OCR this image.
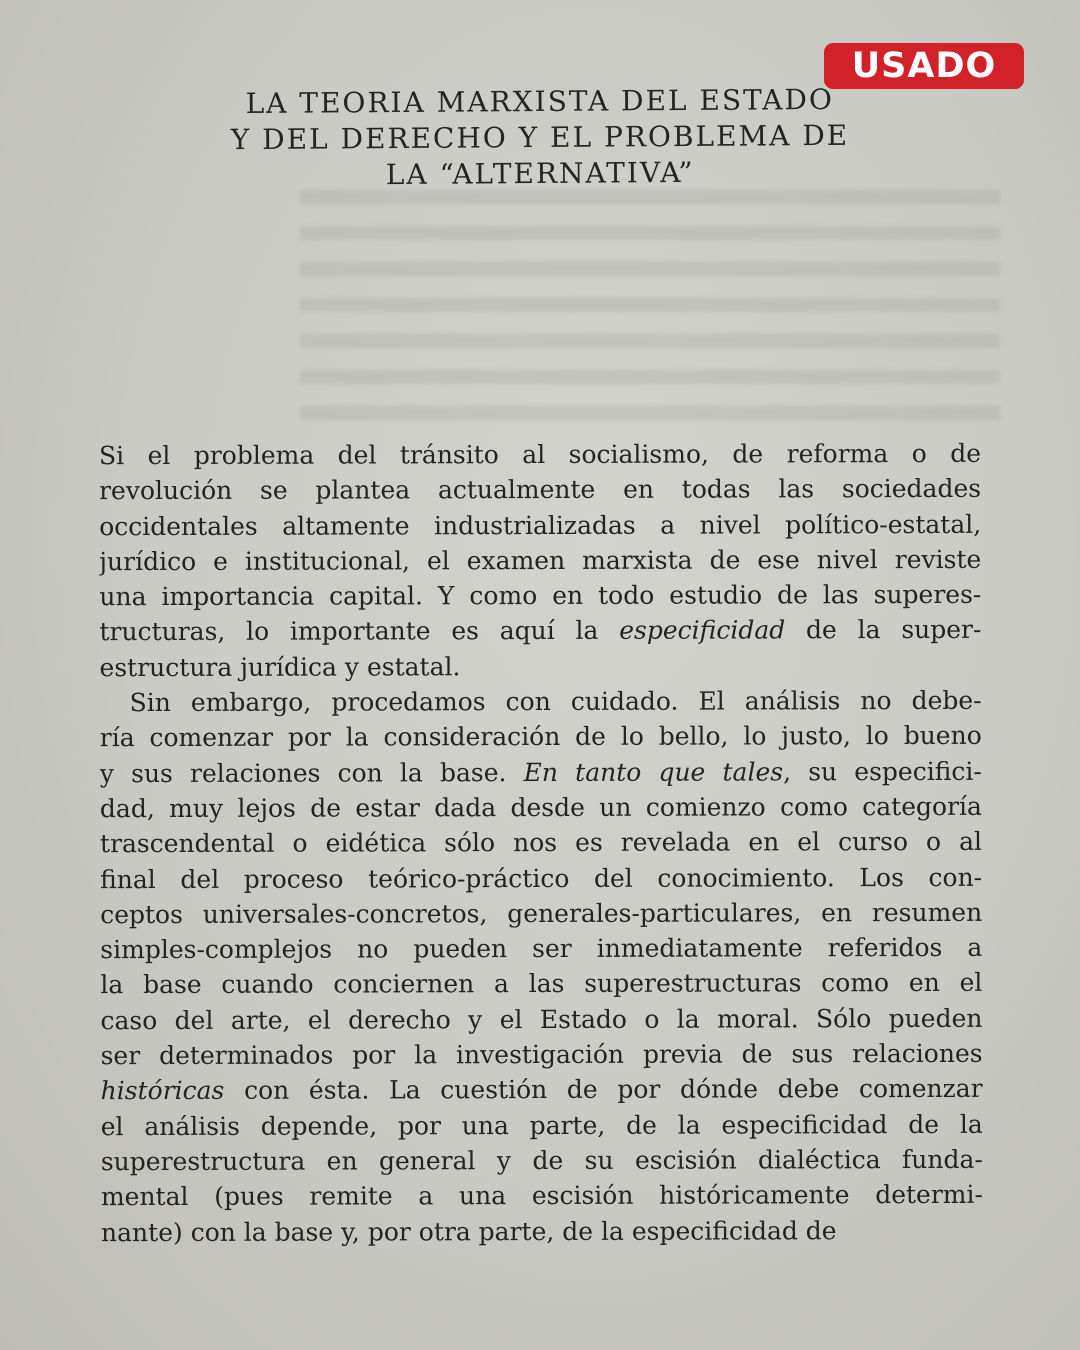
USADO
LA TEORIA MARXISTA DEL ESTADO
Y DEL DERECHO Y EL PROBLEMA DE
LA “ALTERNATIVA”
Si el problema del tránsito al socialismo, de reforma o de
revolución se plantea actualmente en todas las sociedades
occidentales altamente industrializadas a nivel político-estatal,
jurídico e institucional, el examen marxista de ese nivel reviste
una importancia capital. Y como en todo estudio de las superes-
tructuras, lo importante es aquí la especificidad de la super-
estructura jurídica y estatal.
Sin embargo, procedamos con cuidado. El análisis no debe-
ría comenzar por la consideración de lo bello, lo justo, lo bueno
y sus relaciones con la base. En tanto que tales, su especifici-
dad, muy lejos de estar dada desde un comienzo como categoría
trascendental o eidética sólo nos es revelada en el curso o al
final del proceso teórico-práctico del conocimiento. Los con-
ceptos universales-concretos, generales-particulares, en resumen
simples-complejos no pueden ser inmediatamente referidos a
la base cuando conciernen a las superestructuras como en el
caso del arte, el derecho y el Estado o la moral. Sólo pueden
ser determinados por la investigación previa de sus relaciones
históricas con ésta. La cuestión de por dónde debe comenzar
el análisis depende, por una parte, de la especificidad de la
superestructura en general y de su escisión dialéctica funda-
mental (pues remite a una escisión históricamente determi-
nante) con la base y, por otra parte, de la especificidad de
